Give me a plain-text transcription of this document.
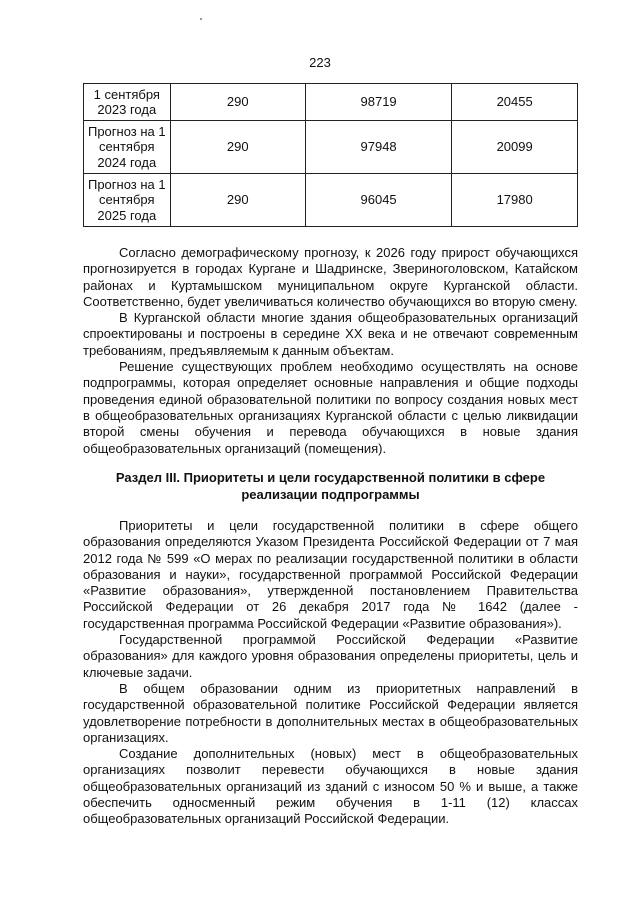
223
1 сентября 2023 года	290	98719	20455
Прогноз на 1 сентября 2024 года	290	97948	20099
Прогноз на 1 сентября 2025 года	290	96045	17980

Согласно демографическому прогнозу, к 2026 году прирост обучающихся прогнозируется в городах Кургане и Шадринске, Звериноголовском, Катайском районах и Куртамышском муниципальном округе Курганской области. Соответственно, будет увеличиваться количество обучающихся во вторую смену.

В Курганской области многие здания общеобразовательных организаций спроектированы и построены в середине XX века и не отвечают современным требованиям, предъявляемым к данным объектам.

Решение существующих проблем необходимо осуществлять на основе подпрограммы, которая определяет основные направления и общие подходы проведения единой образовательной политики по вопросу создания новых мест в общеобразовательных организациях Курганской области с целью ликвидации второй смены обучения и перевода обучающихся в новые здания общеобразовательных организаций (помещения).

Раздел III. Приоритеты и цели государственной политики в сфере реализации подпрограммы

Приоритеты и цели государственной политики в сфере общего образования определяются Указом Президента Российской Федерации от 7 мая 2012 года № 599 «О мерах по реализации государственной политики в области образования и науки», государственной программой Российской Федерации «Развитие образования», утвержденной постановлением Правительства Российской Федерации от 26 декабря 2017 года № 1642 (далее - государственная программа Российской Федерации «Развитие образования»).

Государственной программой Российской Федерации «Развитие образования» для каждого уровня образования определены приоритеты, цель и ключевые задачи.

В общем образовании одним из приоритетных направлений в государственной образовательной политике Российской Федерации является удовлетворение потребности в дополнительных местах в общеобразовательных организациях.

Создание дополнительных (новых) мест в общеобразовательных организациях позволит перевести обучающихся в новые здания общеобразовательных организаций из зданий с износом 50 % и выше, а также обеспечить односменный режим обучения в 1-11 (12) классах общеобразовательных организаций Российской Федерации.
